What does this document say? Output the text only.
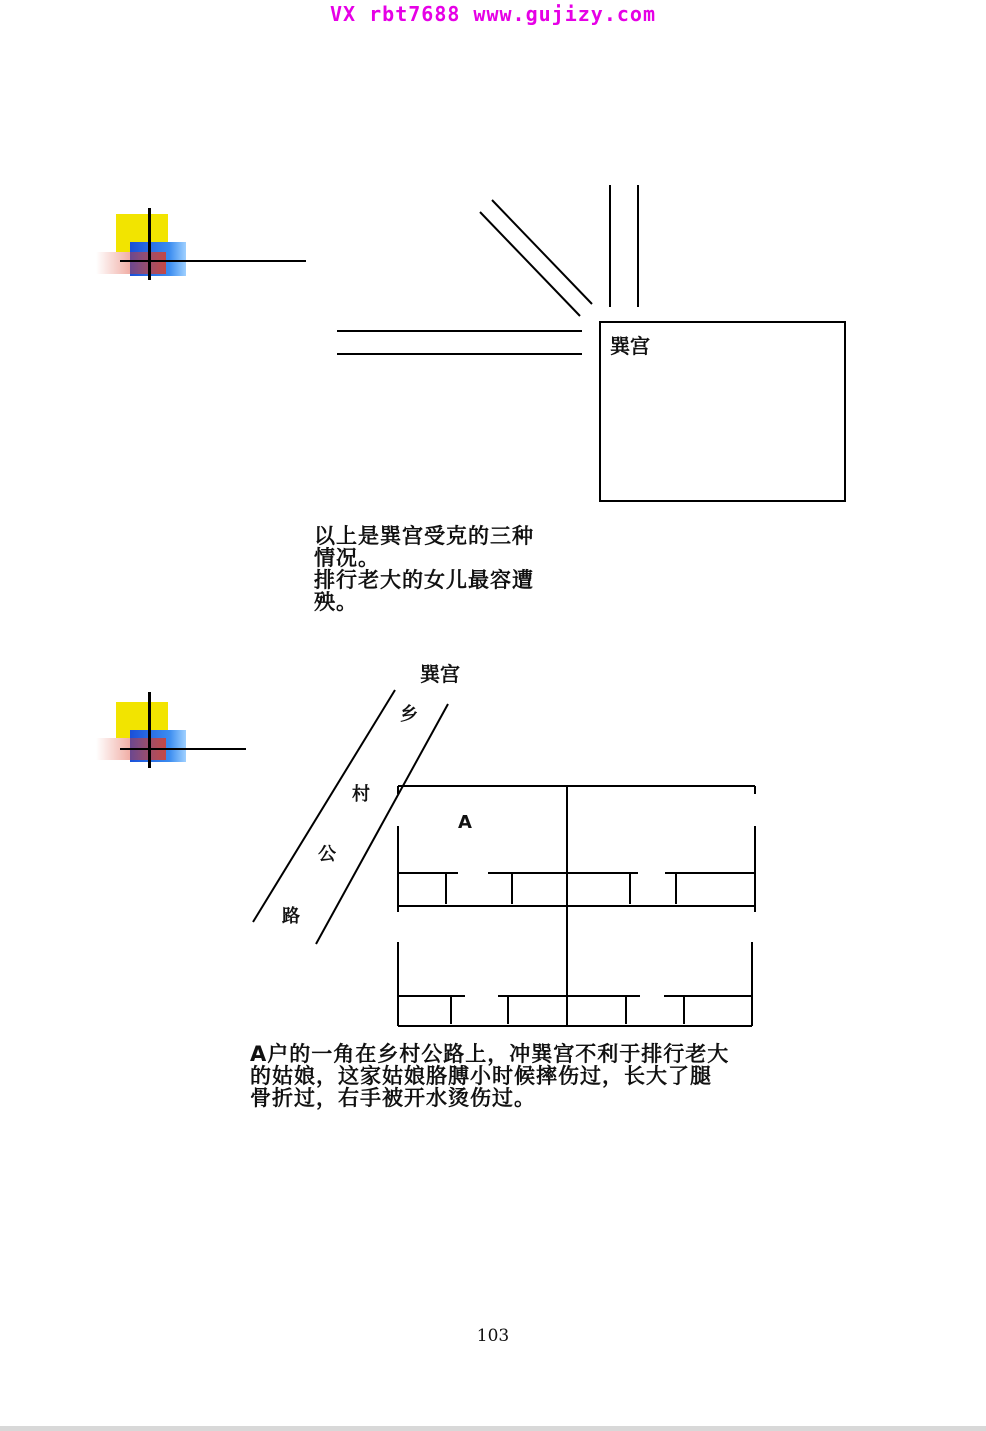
VX rbt7688 www.gujizy.com
巽宫
以上是巽宫受克的三种
情况。
排行老大的女儿最容遭
殃。
巽宫
乡
村
公
路
A
A户的一角在乡村公路上，冲巽宫不利于排行老大
的姑娘，这家姑娘胳膊小时候摔伤过，长大了腿
骨折过，右手被开水烫伤过。
103
